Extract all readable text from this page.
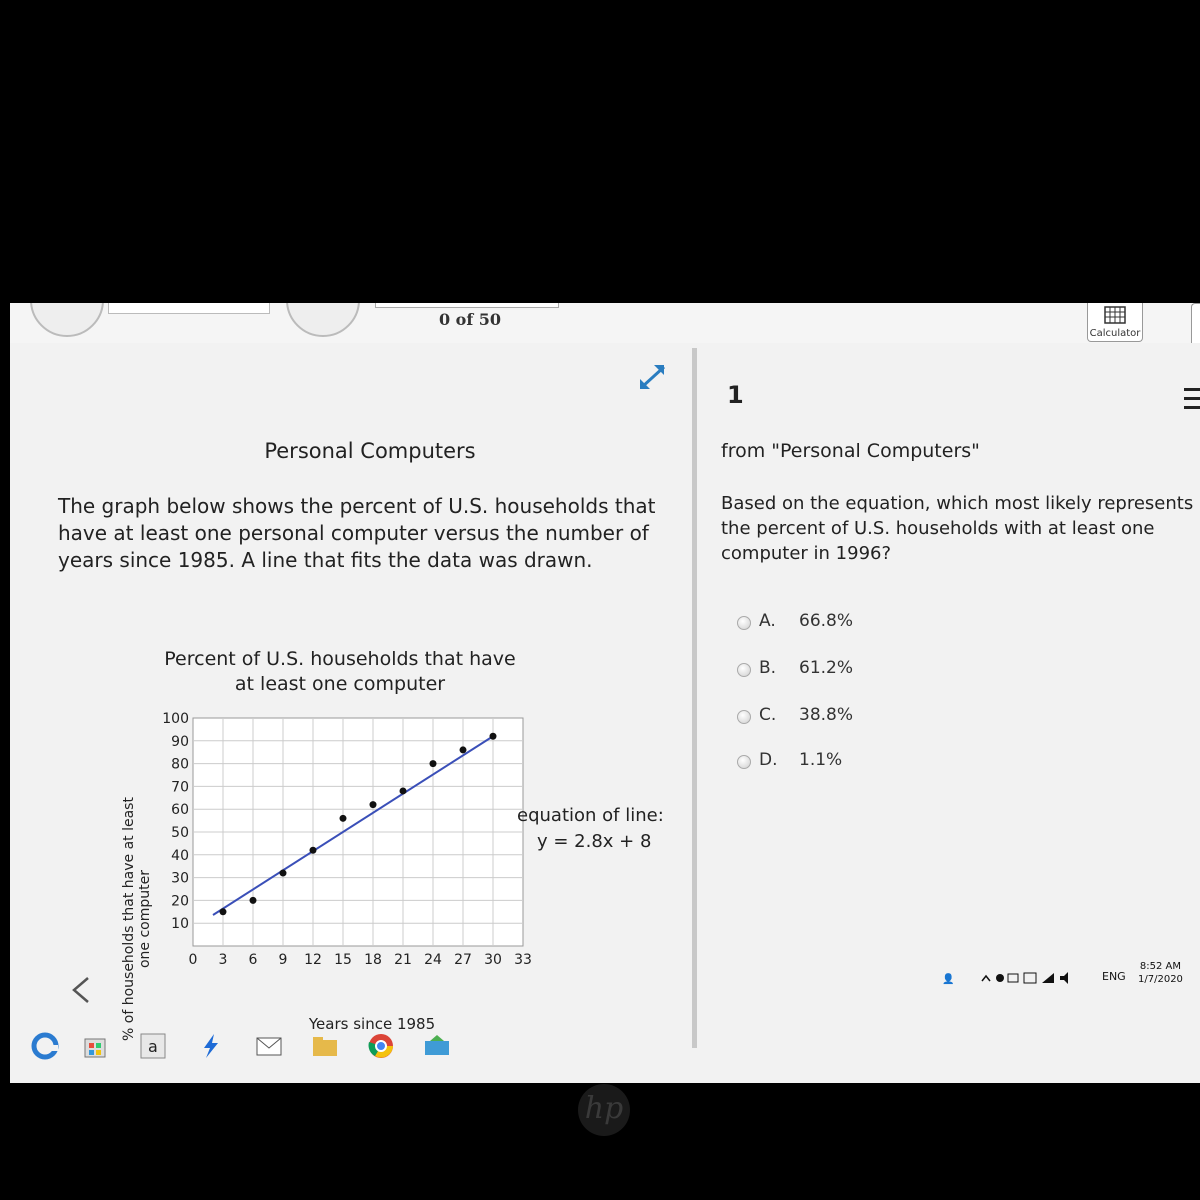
0 of 50
Calculator
Personal Computers
The graph below shows the percent of U.S. households that have at least one personal computer versus the number of years since 1985. A line that fits the data was drawn.
Percent of U.S. households that have
at least one computer
10
20
30
40
50
60
70
80
90
100
0 3 6 9 12 15 18 21 24 27 30 33
% of households that have at least one computer
Years since 1985
equation of line:
y = 2.8x + 8
1
from "Personal Computers"
Based on the equation, which most likely represents the percent of U.S. households with at least one computer in 1996?
A. 66.8%
B. 61.2%
C. 38.8%
D. 1.1%
👤	ENG
8:52 AM
1/7/2020
a
hp
